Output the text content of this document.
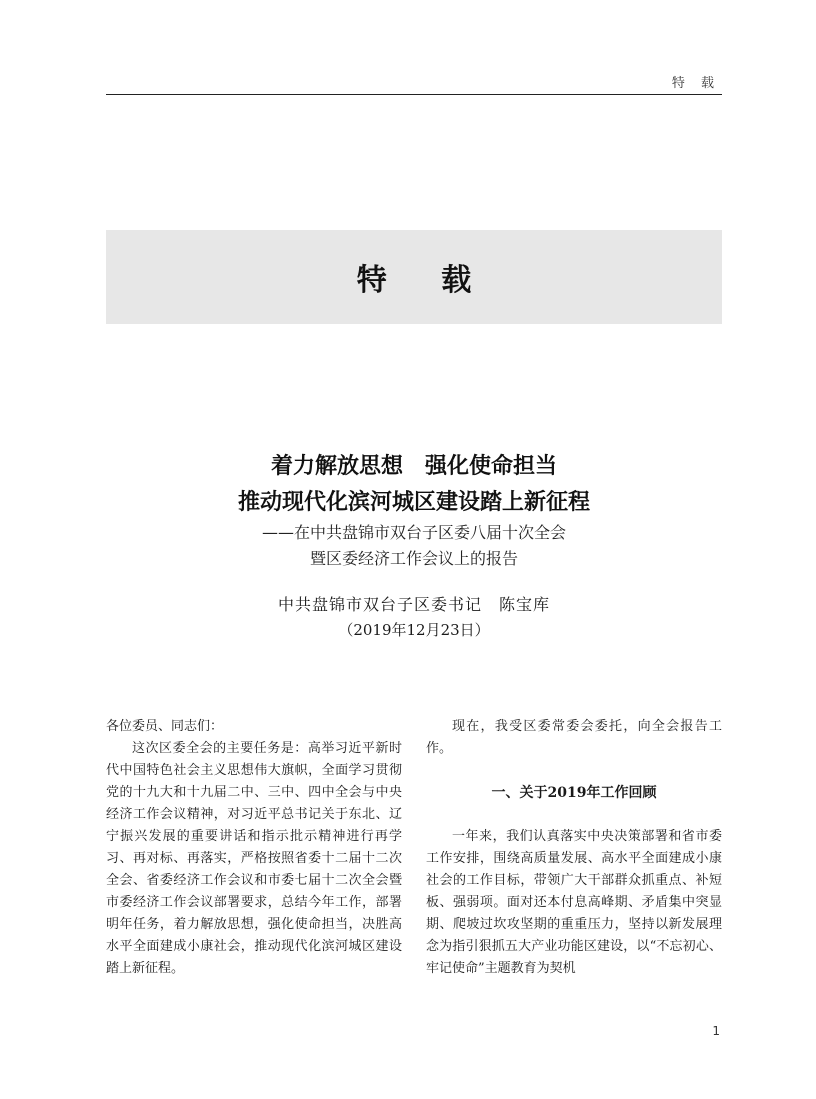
特 载
特 载
着力解放思想　强化使命担当
推动现代化滨河城区建设踏上新征程
——在中共盘锦市双台子区委八届十次全会
暨区委经济工作会议上的报告
中共盘锦市双台子区委书记　陈宝库
（2019年12月23日）

各位委员、同志们：

这次区委全会的主要任务是：高举习近平新时代中国特色社会主义思想伟大旗帜，全面学习贯彻党的十九大和十九届二中、三中、四中全会与中央经济工作会议精神，对习近平总书记关于东北、辽宁振兴发展的重要讲话和指示批示精神进行再学习、再对标、再落实，严格按照省委十二届十二次全会、省委经济工作会议和市委七届十二次全会暨市委经济工作会议部署要求，总结今年工作，部署明年任务，着力解放思想，强化使命担当，决胜高水平全面建成小康社会，推动现代化滨河城区建设踏上新征程。

现在，我受区委常委会委托，向全会报告工作。

一、关于2019年工作回顾

一年来，我们认真落实中央决策部署和省市委工作安排，围绕高质量发展、高水平全面建成小康社会的工作目标，带领广大干部群众抓重点、补短板、强弱项。面对还本付息高峰期、矛盾集中突显期、爬坡过坎攻坚期的重重压力，坚持以新发展理念为指引狠抓五大产业功能区建设，以“不忘初心、牢记使命”主题教育为契机

1
